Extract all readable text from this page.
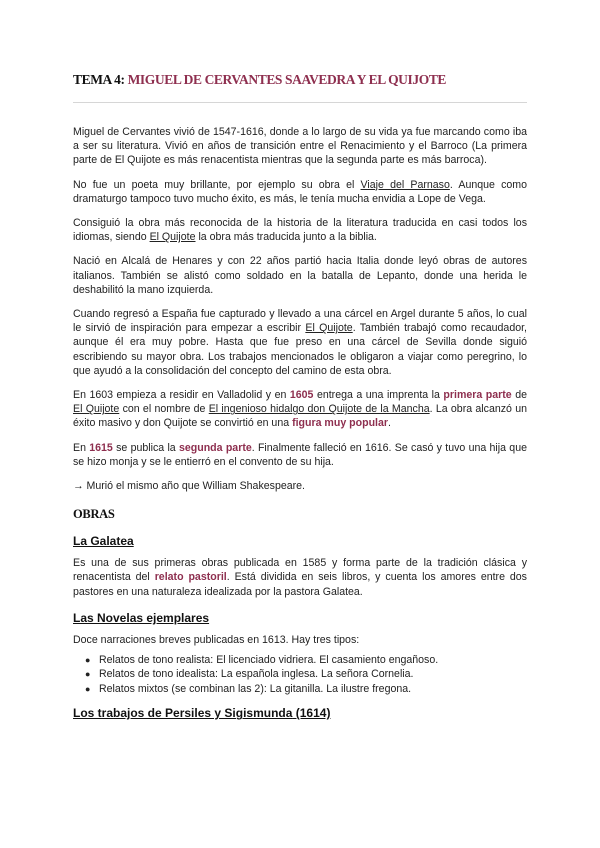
TEMA 4: MIGUEL DE CERVANTES SAAVEDRA Y EL QUIJOTE

Miguel de Cervantes vivió de 1547-1616, donde a lo largo de su vida ya fue marcando como iba a ser su literatura. Vivió en años de transición entre el Renacimiento y el Barroco (La primera parte de El Quijote es más renacentista mientras que la segunda parte es más barroca).

No fue un poeta muy brillante, por ejemplo su obra el Viaje del Parnaso. Aunque como dramaturgo tampoco tuvo mucho éxito, es más, le tenía mucha envidia a Lope de Vega.

Consiguió la obra más reconocida de la historia de la literatura traducida en casi todos los idiomas, siendo El Quijote la obra más traducida junto a la biblia.

Nació en Alcalá de Henares y con 22 años partió hacia Italia donde leyó obras de autores italianos. También se alistó como soldado en la batalla de Lepanto, donde una herida le deshabilitó la mano izquierda.

Cuando regresó a España fue capturado y llevado a una cárcel en Argel durante 5 años, lo cual le sirvió de inspiración para empezar a escribir El Quijote. También trabajó como recaudador, aunque él era muy pobre. Hasta que fue preso en una cárcel de Sevilla donde siguió escribiendo su mayor obra. Los trabajos mencionados le obligaron a viajar como peregrino, lo que ayudó a la consolidación del concepto del camino de esta obra.

En 1603 empieza a residir en Valladolid y en 1605 entrega a una imprenta la primera parte de El Quijote con el nombre de El ingenioso hidalgo don Quijote de la Mancha. La obra alcanzó un éxito masivo y don Quijote se convirtió en una figura muy popular.

En 1615 se publica la segunda parte. Finalmente falleció en 1616. Se casó y tuvo una hija que se hizo monja y se le entierró en el convento de su hija.

→ Murió el mismo año que William Shakespeare.

OBRAS
La Galatea

Es una de sus primeras obras publicada en 1585 y forma parte de la tradición clásica y renacentista del relato pastoril. Está dividida en seis libros, y cuenta los amores entre dos pastores en una naturaleza idealizada por la pastora Galatea.

Las Novelas ejemplares

Doce narraciones breves publicadas en 1613. Hay tres tipos:

● Relatos de tono realista: El licenciado vidriera. El casamiento engañoso.
● Relatos de tono idealista: La española inglesa. La señora Cornelia.
● Relatos mixtos (se combinan las 2): La gitanilla. La ilustre fregona.
Los trabajos de Persiles y Sigismunda (1614)
